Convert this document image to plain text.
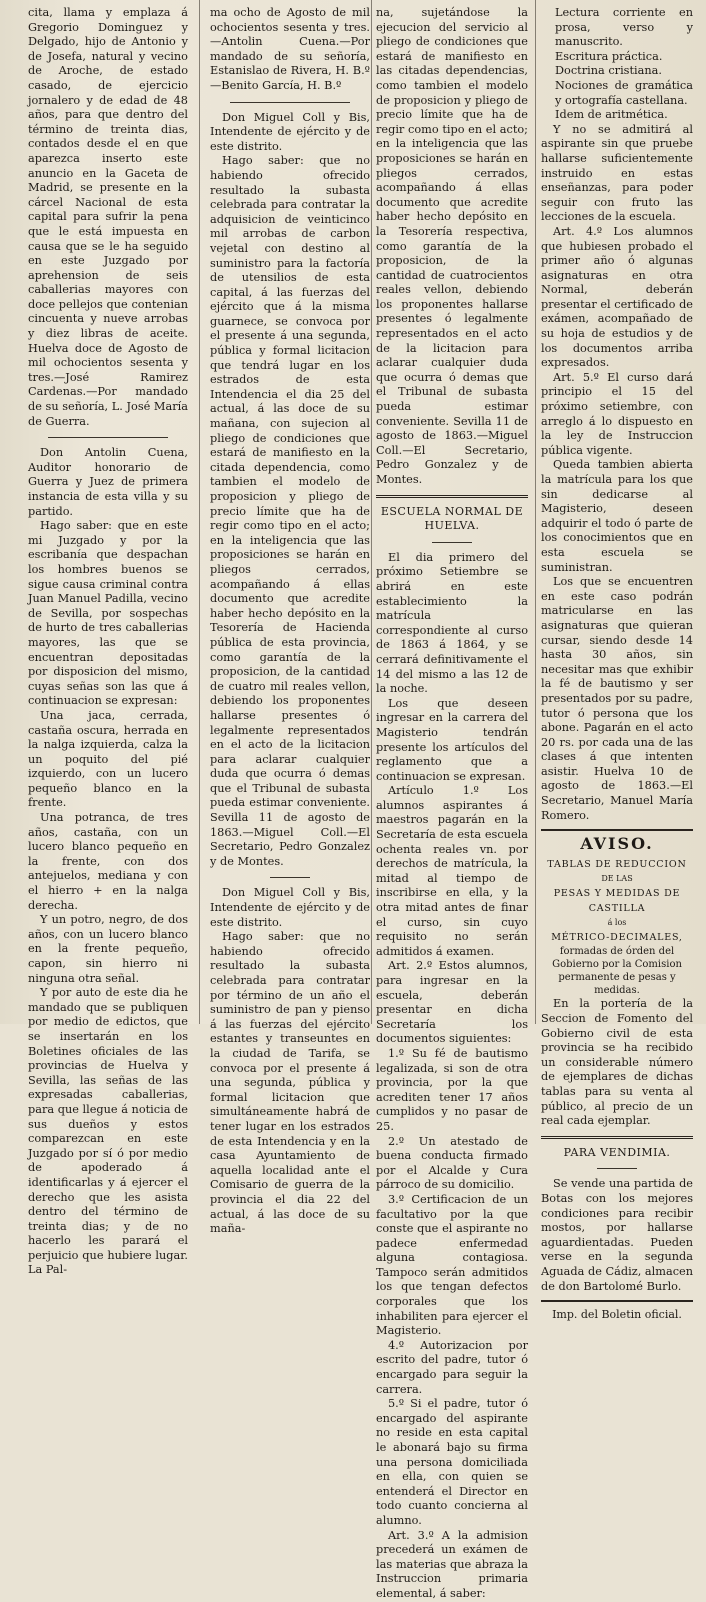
cita, llama y emplaza á Gregorio Dominguez y Delgado, hijo de Antonio y de Josefa, natural y vecino de Aroche, de estado casado, de ejercicio jornalero y de edad de 48 años, para que dentro del término de treinta dias, contados desde el en que aparezca inserto este anuncio en la Gaceta de Madrid, se presente en la cárcel Nacional de esta capital para sufrir la pena que le está impuesta en causa que se le ha seguido en este Juzgado por aprehension de seis caballerias mayores con doce pellejos que contenian cincuenta y nueve arrobas y diez libras de aceite. Huelva doce de Agosto de mil ochocientos sesenta y tres.—José Ramirez Cardenas.—Por mandado de su señoría, L. José María de Guerra.

Don Antolin Cuena, Auditor honorario de Guerra y Juez de primera instancia de esta villa y su partido.

Hago saber: que en este mi Juzgado y por la escribanía que despachan los hombres buenos se sigue causa criminal contra Juan Manuel Padilla, vecino de Sevilla, por sospechas de hurto de tres caballerias mayores, las que se encuentran depositadas por disposicion del mismo, cuyas señas son las que á continuacion se expresan:

Una jaca, cerrada, castaña oscura, herrada en la nalga izquierda, calza la un poquito del pié izquierdo, con un lucero pequeño blanco en la frente.

Una potranca, de tres años, castaña, con un lucero blanco pequeño en la frente, con dos antejuelos, mediana y con el hierro + en la nalga derecha.

Y un potro, negro, de dos años, con un lucero blanco en la frente pequeño, capon, sin hierro ni ninguna otra señal.

Y por auto de este dia he mandado que se publiquen por medio de edictos, que se insertarán en los Boletines oficiales de las provincias de Huelva y Sevilla, las señas de las expresadas caballerias, para que llegue á noticia de sus dueños y estos comparezcan en este Juzgado por sí ó por medio de apoderado á identificarlas y á ejercer el derecho que les asista dentro del término de treinta dias; y de no hacerlo les parará el perjuicio que hubiere lugar. La Pal-

ma ocho de Agosto de mil ochocientos sesenta y tres.—Antolin Cuena.—Por mandado de su señoría, Estanislao de Rivera, H. B.º—Benito García, H. B.º

Don Miguel Coll y Bis, Intendente de ejército y de este distrito.

Hago saber: que no habiendo ofrecido resultado la subasta celebrada para contratar la adquisicion de veinticinco mil arrobas de carbon vejetal con destino al suministro para la factoría de utensilios de esta capital, á las fuerzas del ejército que á la misma guarnece, se convoca por el presente á una segunda, pública y formal licitacion que tendrá lugar en los estrados de esta Intendencia el dia 25 del actual, á las doce de su mañana, con sujecion al pliego de condiciones que estará de manifiesto en la citada dependencia, como tambien el modelo de proposicion y pliego de precio límite que ha de regir como tipo en el acto; en la inteligencia que las proposiciones se harán en pliegos cerrados, acompañando á ellas documento que acredite haber hecho depósito en la Tesorería de Hacienda pública de esta provincia, como garantía de la proposicion, de la cantidad de cuatro mil reales vellon, debiendo los proponentes hallarse presentes ó legalmente representados en el acto de la licitacion para aclarar cualquier duda que ocurra ó demas que el Tribunal de subasta pueda estimar conveniente. Sevilla 11 de agosto de 1863.—Miguel Coll.—El Secretario, Pedro Gonzalez y de Montes.

Don Miguel Coll y Bis, Intendente de ejército y de este distrito.

Hago saber: que no habiendo ofrecido resultado la subasta celebrada para contratar por término de un año el suministro de pan y pienso á las fuerzas del ejército estantes y transeuntes en la ciudad de Tarifa, se convoca por el presente á una segunda, pública y formal licitacion que simultáneamente habrá de tener lugar en los estrados de esta Intendencia y en la casa Ayuntamiento de aquella localidad ante el Comisario de guerra de la provincia el dia 22 del actual, á las doce de su maña-

na, sujetándose la ejecucion del servicio al pliego de condiciones que estará de manifiesto en las citadas dependencias, como tambien el modelo de proposicion y pliego de precio límite que ha de regir como tipo en el acto; en la inteligencia que las proposiciones se harán en pliegos cerrados, acompañando á ellas documento que acredite haber hecho depósito en la Tesorería respectiva, como garantía de la proposicion, de la cantidad de cuatrocientos reales vellon, debiendo los proponentes hallarse presentes ó legalmente representados en el acto de la licitacion para aclarar cualquier duda que ocurra ó demas que el Tribunal de subasta pueda estimar conveniente. Sevilla 11 de agosto de 1863.—Miguel Coll.—El Secretario, Pedro Gonzalez y de Montes.

ESCUELA NORMAL DE HUELVA.

El dia primero del próximo Setiembre se abrirá en este establecimiento la matrícula correspondiente al curso de 1863 á 1864, y se cerrará definitivamente el 14 del mismo a las 12 de la noche.

Los que deseen ingresar en la carrera del Magisterio tendrán presente los artículos del reglamento que a continuacion se expresan.

Artículo 1.º Los alumnos aspirantes á maestros pagarán en la Secretaría de esta escuela ochenta reales vn. por derechos de matrícula, la mitad al tiempo de inscribirse en ella, y la otra mitad antes de finar el curso, sin cuyo requisito no serán admitidos á examen.

Art. 2.º Estos alumnos, para ingresar en la escuela, deberán presentar en dicha Secretaría los documentos siguientes:

1.º Su fé de bautismo legalizada, si son de otra provincia, por la que acrediten tener 17 años cumplidos y no pasar de 25.

2.º Un atestado de buena conducta firmado por el Alcalde y Cura párroco de su domicilio.

3.º Certificacion de un facultativo por la que conste que el aspirante no padece enfermedad alguna contagiosa. Tampoco serán admitidos los que tengan defectos corporales que los inhabiliten para ejercer el Magisterio.

4.º Autorizacion por escrito del padre, tutor ó encargado para seguir la carrera.

5.º Si el padre, tutor ó encargado del aspirante no reside en esta capital le abonará bajo su firma una persona domiciliada en ella, con quien se entenderá el Director en todo cuanto concierna al alumno.

Art. 3.º A la admision precederá un exámen de las materias que abraza la Instruccion primaria elemental, á saber:

Lectura corriente en prosa, verso y manuscrito.

Escritura práctica.

Doctrina cristiana.

Nociones de gramática y ortografía castellana.

Idem de aritmética.

Y no se admitirá al aspirante sin que pruebe hallarse suficientemente instruido en estas enseñanzas, para poder seguir con fruto las lecciones de la escuela.

Art. 4.º Los alumnos que hubiesen probado el primer año ó algunas asignaturas en otra Normal, deberán presentar el certificado de exámen, acompañado de su hoja de estudios y de los documentos arriba expresados.

Art. 5.º El curso dará principio el 15 del próximo setiembre, con arreglo á lo dispuesto en la ley de Instruccion pública vigente.

Queda tambien abierta la matrícula para los que sin dedicarse al Magisterio, deseen adquirir el todo ó parte de los conocimientos que en esta escuela se suministran.

Los que se encuentren en este caso podrán matricularse en las asignaturas que quieran cursar, siendo desde 14 hasta 30 años, sin necesitar mas que exhibir la fé de bautismo y ser presentados por su padre, tutor ó persona que los abone. Pagarán en el acto 20 rs. por cada una de las clases á que intenten asistir. Huelva 10 de agosto de 1863.—El Secretario, Manuel María Romero.

AVISO.
TABLAS DE REDUCCION
DE LAS
PESAS Y MEDIDAS DE CASTILLA
á los
MÉTRICO-DECIMALES,

formadas de órden del Gobierno por la Comision permanente de pesas y medidas.

En la portería de la Seccion de Fomento del Gobierno civil de esta provincia se ha recibido un considerable número de ejemplares de dichas tablas para su venta al público, al precio de un real cada ejemplar.

PARA VENDIMIA.

Se vende una partida de Botas con los mejores condiciones para recibir mostos, por hallarse aguardientadas. Pueden verse en la segunda Aguada de Cádiz, almacen de don Bartolomé Burlo.

Imp. del Boletin oficial.
